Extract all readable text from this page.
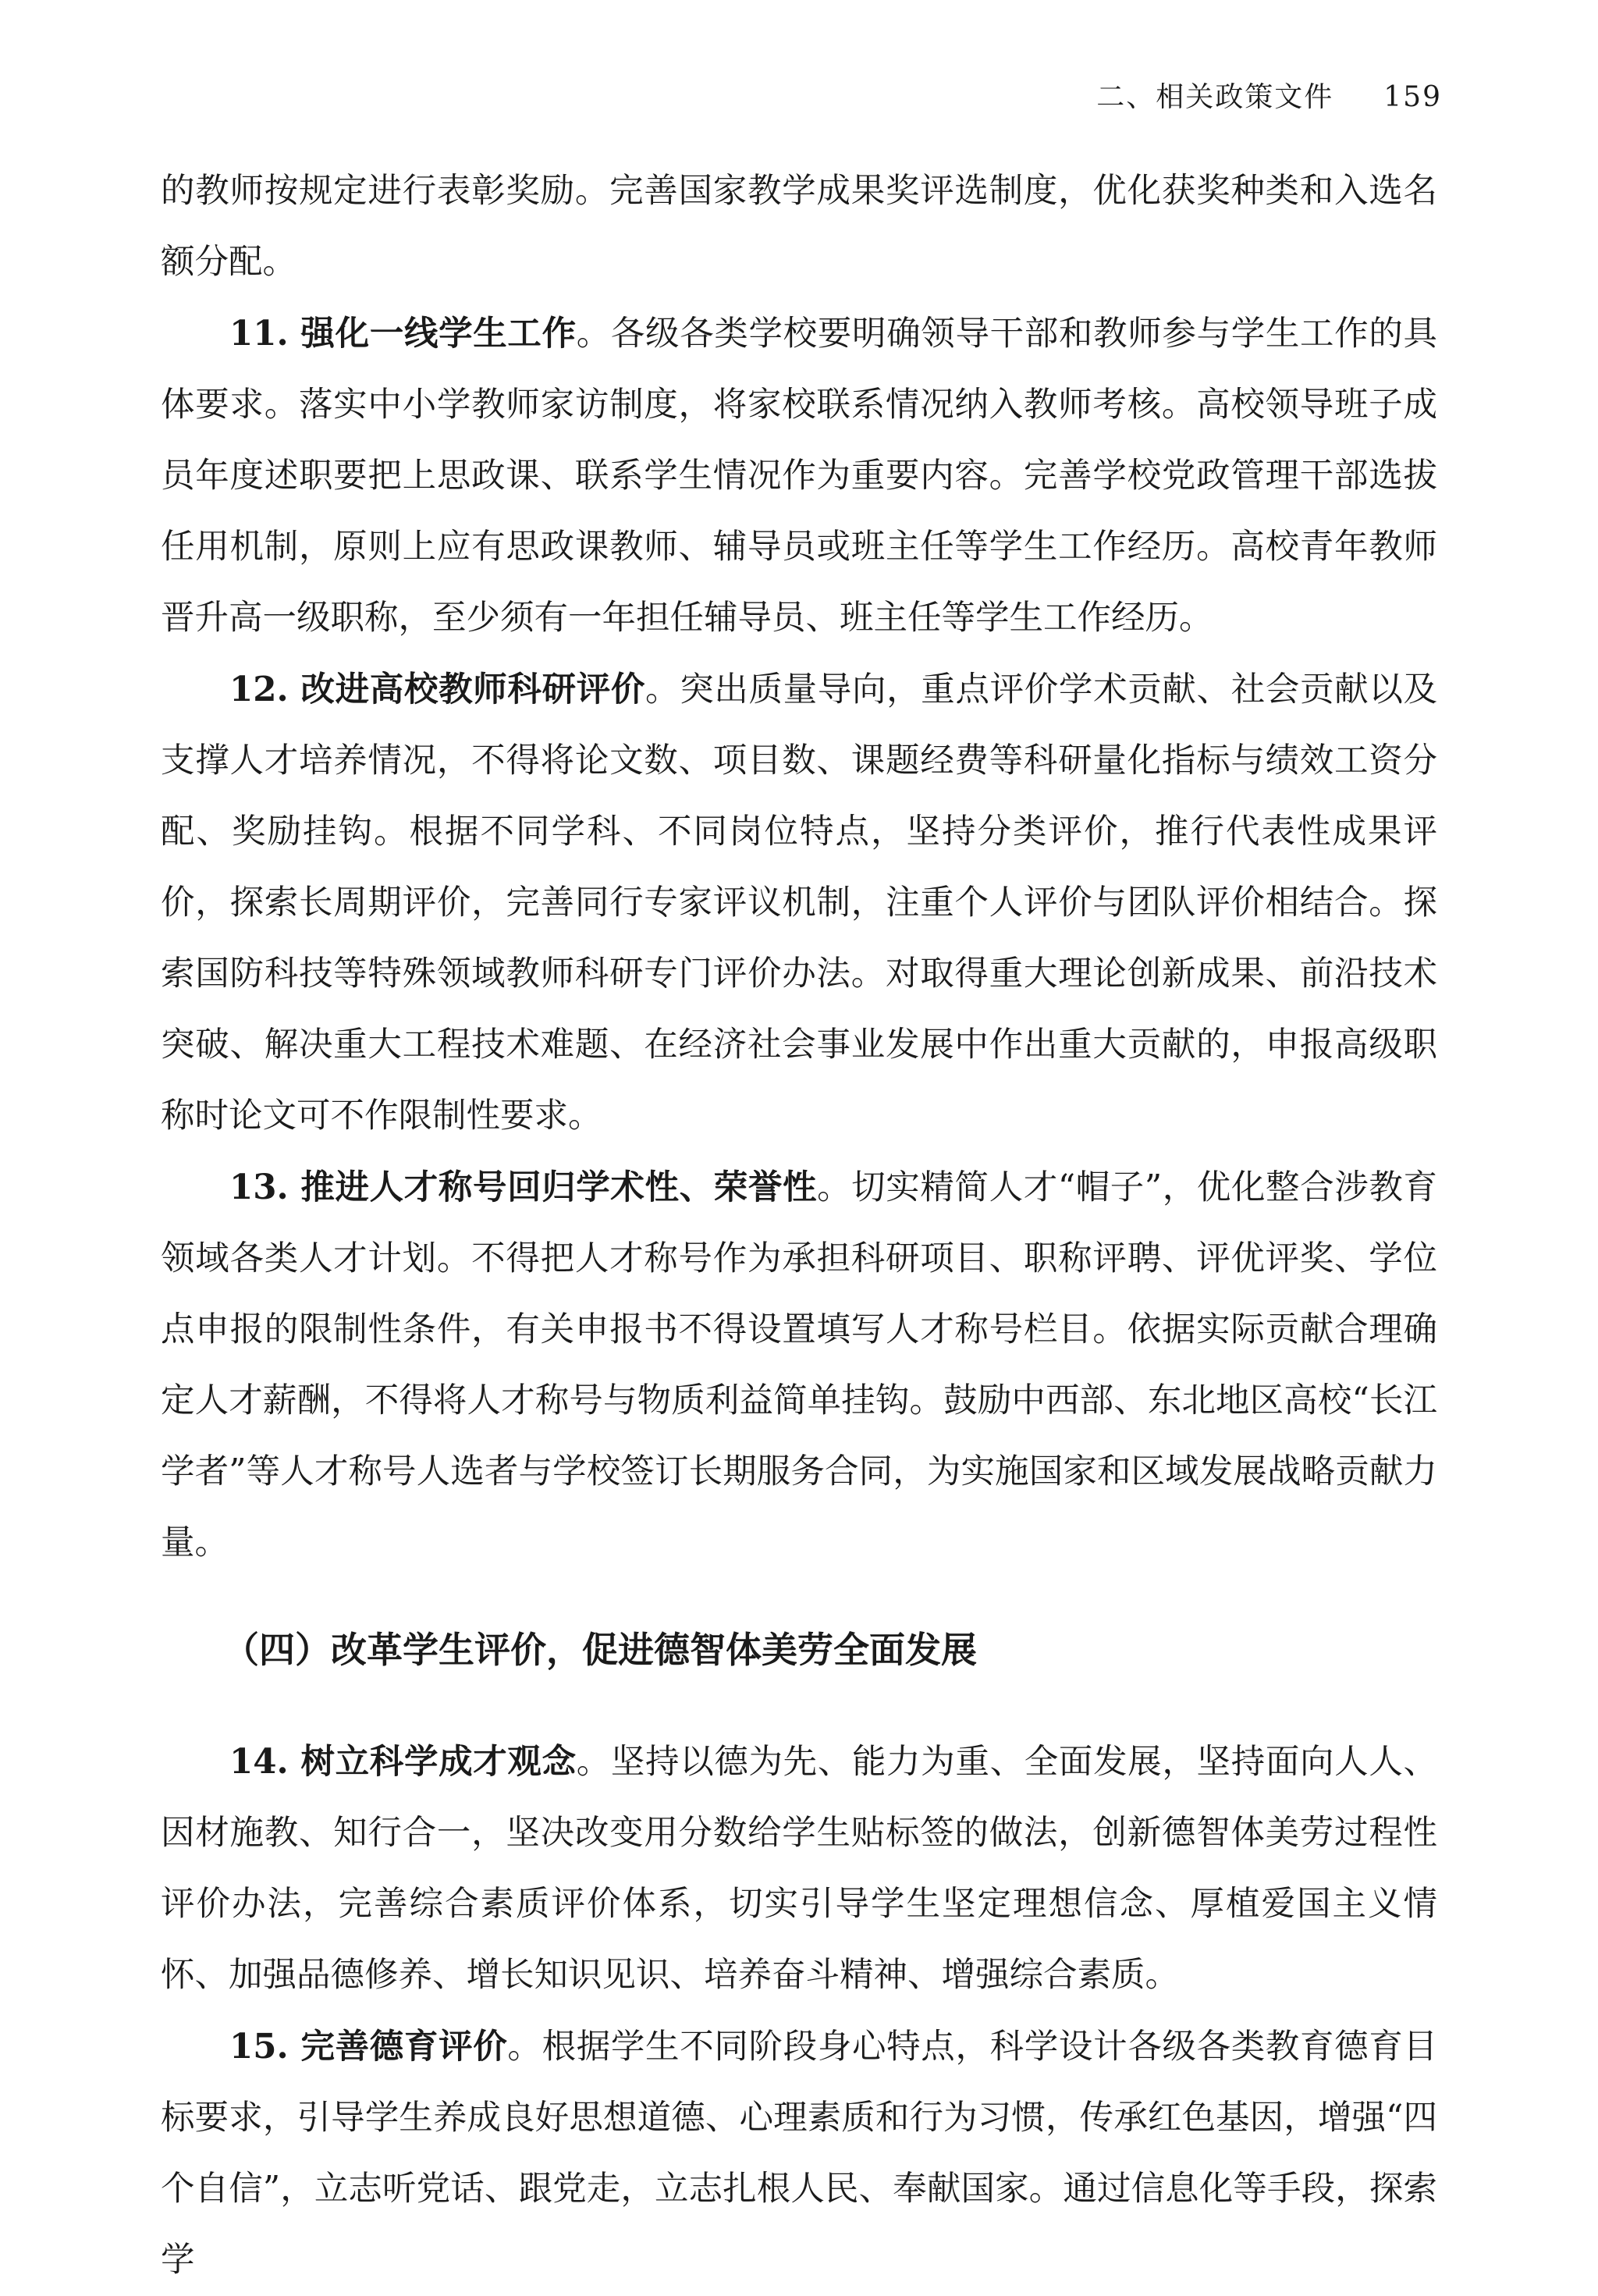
二、相关政策文件 159

的教师按规定进行表彰奖励。完善国家教学成果奖评选制度，优化获奖种类和入选名额分配。

11. 强化一线学生工作。各级各类学校要明确领导干部和教师参与学生工作的具体要求。落实中小学教师家访制度，将家校联系情况纳入教师考核。高校领导班子成员年度述职要把上思政课、联系学生情况作为重要内容。完善学校党政管理干部选拔任用机制，原则上应有思政课教师、辅导员或班主任等学生工作经历。高校青年教师晋升高一级职称，至少须有一年担任辅导员、班主任等学生工作经历。

12. 改进高校教师科研评价。突出质量导向，重点评价学术贡献、社会贡献以及支撑人才培养情况，不得将论文数、项目数、课题经费等科研量化指标与绩效工资分配、奖励挂钩。根据不同学科、不同岗位特点，坚持分类评价，推行代表性成果评价，探索长周期评价，完善同行专家评议机制，注重个人评价与团队评价相结合。探索国防科技等特殊领域教师科研专门评价办法。对取得重大理论创新成果、前沿技术突破、解决重大工程技术难题、在经济社会事业发展中作出重大贡献的，申报高级职称时论文可不作限制性要求。

13. 推进人才称号回归学术性、荣誉性。切实精简人才“帽子”，优化整合涉教育领域各类人才计划。不得把人才称号作为承担科研项目、职称评聘、评优评奖、学位点申报的限制性条件，有关申报书不得设置填写人才称号栏目。依据实际贡献合理确定人才薪酬，不得将人才称号与物质利益简单挂钩。鼓励中西部、东北地区高校“长江学者”等人才称号人选者与学校签订长期服务合同，为实施国家和区域发展战略贡献力量。

（四）改革学生评价，促进德智体美劳全面发展

14. 树立科学成才观念。坚持以德为先、能力为重、全面发展，坚持面向人人、因材施教、知行合一，坚决改变用分数给学生贴标签的做法，创新德智体美劳过程性评价办法，完善综合素质评价体系，切实引导学生坚定理想信念、厚植爱国主义情怀、加强品德修养、增长知识见识、培养奋斗精神、增强综合素质。

15. 完善德育评价。根据学生不同阶段身心特点，科学设计各级各类教育德育目标要求，引导学生养成良好思想道德、心理素质和行为习惯，传承红色基因，增强“四个自信”，立志听党话、跟党走，立志扎根人民、奉献国家。通过信息化等手段，探索学
